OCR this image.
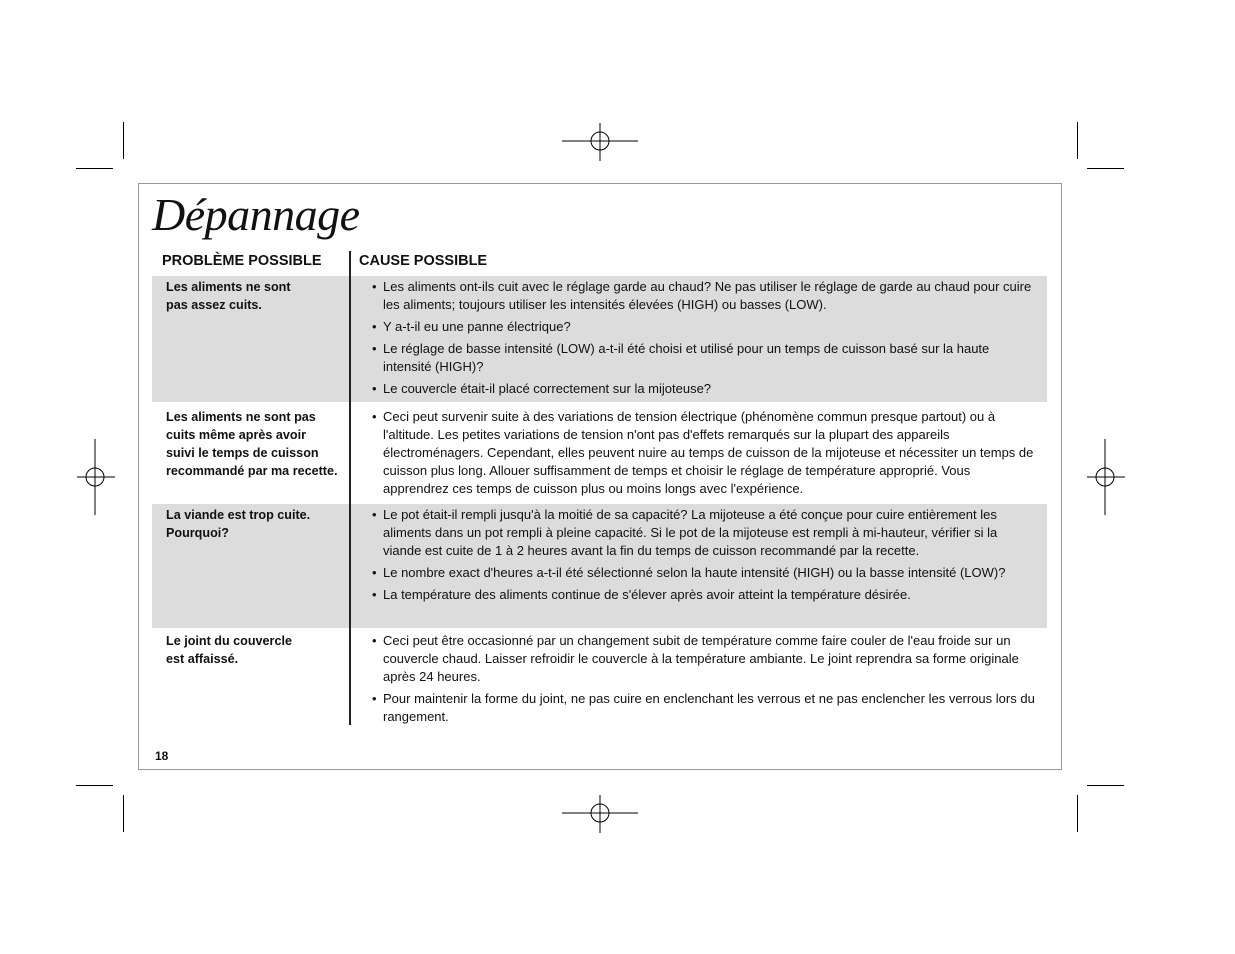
Dépannage
PROBLÈME POSSIBLE	CAUSE POSSIBLE
Les aliments ne sont
pas assez cuits.
• Les aliments ont-ils cuit avec le réglage garde au chaud? Ne pas utiliser le réglage de garde au chaud pour cuire les aliments; toujours utiliser les intensités élevées (HIGH) ou basses (LOW).
• Y a-t-il eu une panne électrique?
• Le réglage de basse intensité (LOW) a-t-il été choisi et utilisé pour un temps de cuisson basé sur la haute intensité (HIGH)?
• Le couvercle était-il placé correctement sur la mijoteuse?
Les aliments ne sont pas
cuits même après avoir
suivi le temps de cuisson
recommandé par ma recette.
• Ceci peut survenir suite à des variations de tension électrique (phénomène commun presque partout) ou à l'altitude. Les petites variations de tension n'ont pas d'effets remarqués sur la plupart des appareils électroménagers. Cependant, elles peuvent nuire au temps de cuisson de la mijoteuse et nécessiter un temps de cuisson plus long. Allouer suffisamment de temps et choisir le réglage de température approprié. Vous apprendrez ces temps de cuisson plus ou moins longs avec l'expérience.
La viande est trop cuite.
Pourquoi?
• Le pot était-il rempli jusqu'à la moitié de sa capacité? La mijoteuse a été conçue pour cuire entièrement les aliments dans un pot rempli à pleine capacité. Si le pot de la mijoteuse est rempli à mi-hauteur, vérifier si la viande est cuite de 1 à 2 heures avant la fin du temps de cuisson recommandé par la recette.
• Le nombre exact d'heures a-t-il été sélectionné selon la haute intensité (HIGH) ou la basse intensité (LOW)?
• La température des aliments continue de s'élever après avoir atteint la température désirée.
Le joint du couvercle
est affaissé.
• Ceci peut être occasionné par un changement subit de température comme faire couler de l'eau froide sur un couvercle chaud. Laisser refroidir le couvercle à la température ambiante. Le joint reprendra sa forme originale après 24 heures.
• Pour maintenir la forme du joint, ne pas cuire en enclenchant les verrous et ne pas enclencher les verrous lors du rangement.
18
